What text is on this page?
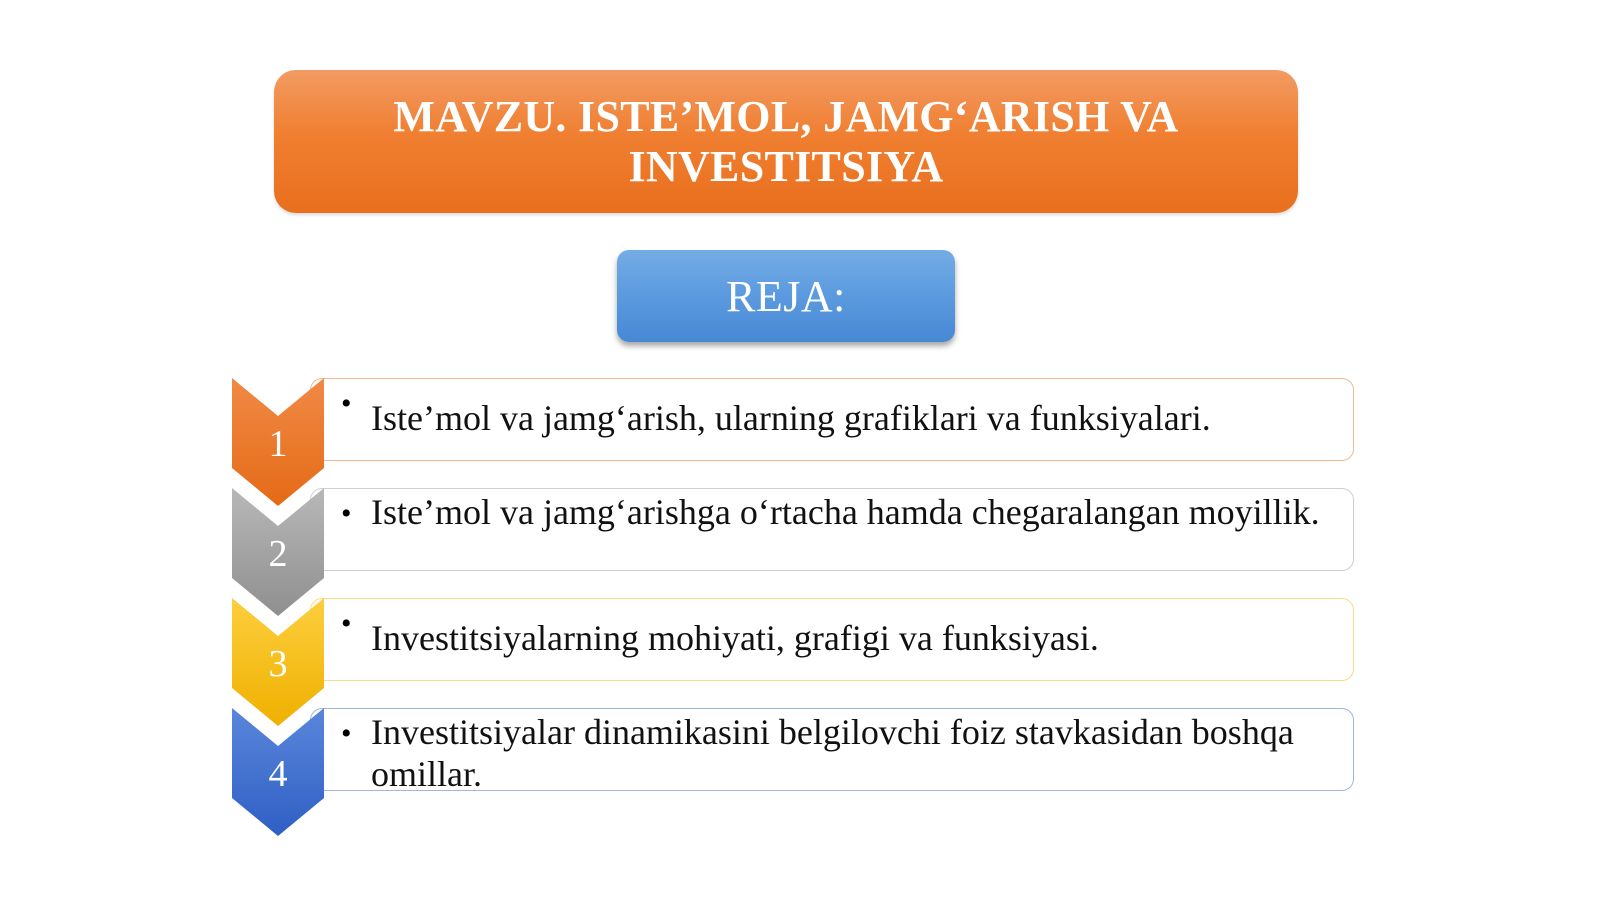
MAVZU. ISTE’MOL, JAMG‘ARISH VA INVESTITSIYA
REJA:
• Iste’mol va jamg‘arish, ularning grafiklari va funksiyalari.
• Iste’mol va jamg‘arishga o‘rtacha hamda chegaralangan moyillik.
• Investitsiyalarning mohiyati, grafigi va funksiyasi.
• Investitsiyalar dinamikasini belgilovchi foiz stavkasidan boshqa omillar.
1
2
3
4
